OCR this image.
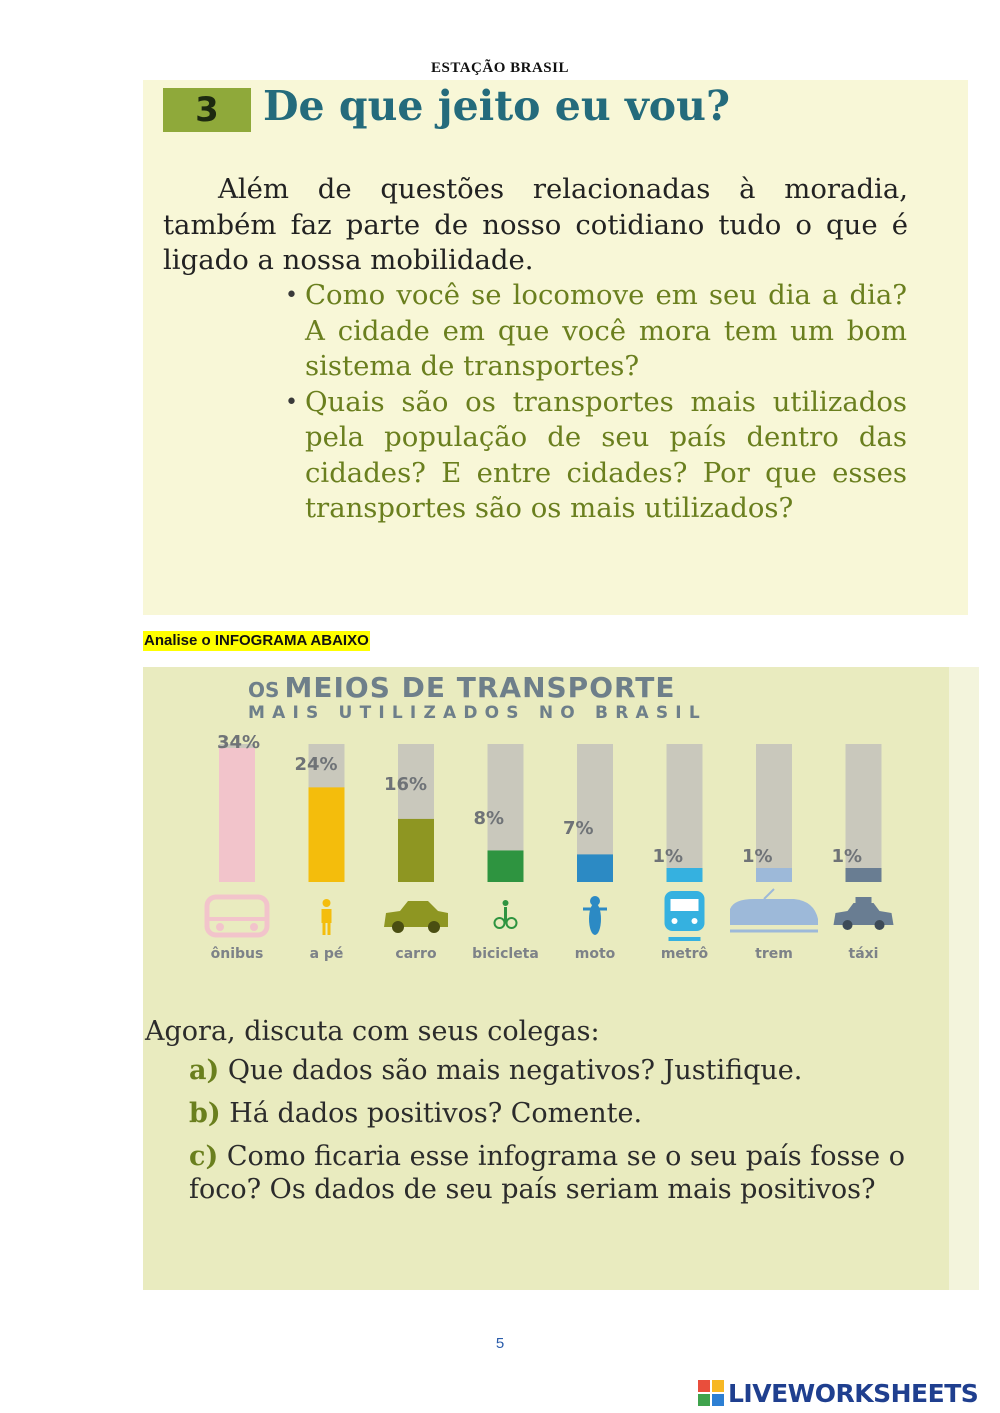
ESTAÇÃO BRASIL
3	De que jeito eu vou?
Além de questões relacionadas à moradia, também faz parte de nosso cotidiano tudo o que é ligado a nossa mobilidade.
• Como você se locomove em seu dia a dia? A cidade em que você mora tem um bom sistema de transportes?
• Quais são os transportes mais utilizados pela população de seu país dentro das cidades? E entre cidades? Por que esses transportes são os mais utilizados?
Analise o INFOGRAMA ABAIXO
34%
ônibus
24%
a pé
16%
carro
8%
bicicleta
7%
moto
1%
metrô
1%
trem
1%
táxi
OS MEIOS DE TRANSPORTE
MAIS UTILIZADOS NO BRASIL

Agora, discuta com seus colegas:

a) Que dados são mais negativos? Justifique.

b) Há dados positivos? Comente.

c) Como ficaria esse infograma se o seu país fosse o foco? Os dados de seu país seriam mais positivos?

5
LIVEWORKSHEETS
